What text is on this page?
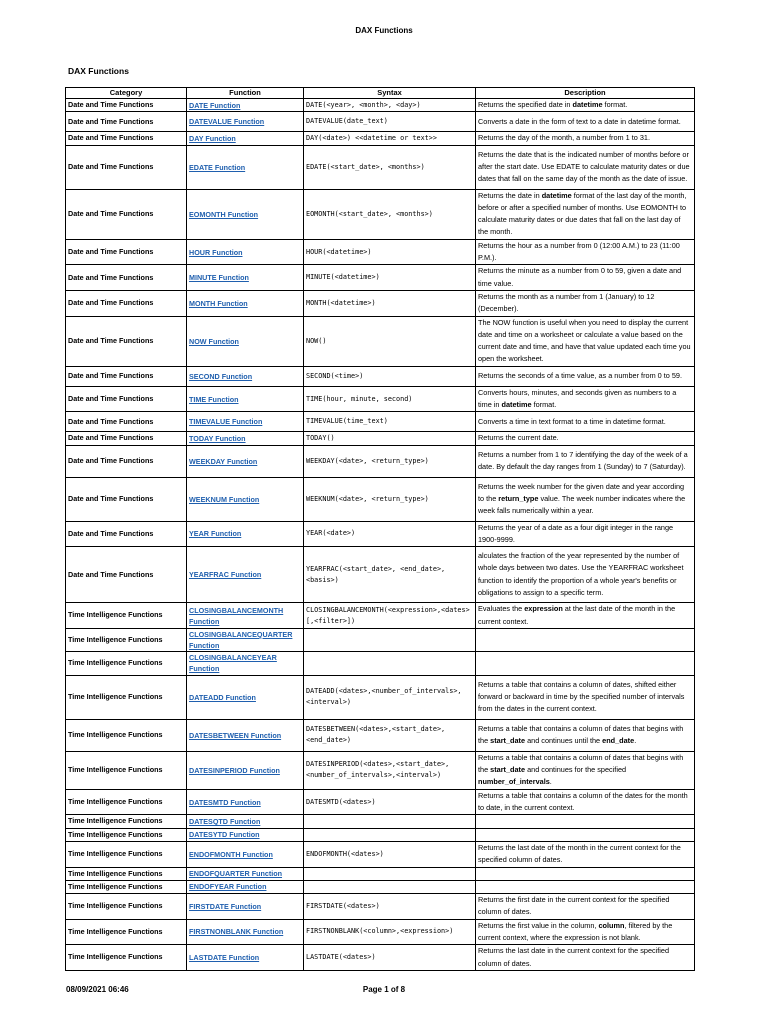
DAX Functions
DAX Functions
Category	Function	Syntax	Description
Date and Time Functions	DATE Function	DATE(<year>, <month>, <day>)	Returns the specified date in datetime format.
Date and Time Functions	DATEVALUE Function	DATEVALUE(date_text)	Converts a date in the form of text to a date in datetime format.
Date and Time Functions	DAY Function	DAY(<date>) <<datetime or text>>	Returns the day of the month, a number from 1 to 31.
Date and Time Functions	EDATE Function	EDATE(<start_date>, <months>)	Returns the date that is the indicated number of months before or after the start date. Use EDATE to calculate maturity dates or due dates that fall on the same day of the month as the date of issue.
Date and Time Functions	EOMONTH Function	EOMONTH(<start_date>, <months>)	Returns the date in datetime format of the last day of the month, before or after a specified number of months. Use EOMONTH to calculate maturity dates or due dates that fall on the last day of the month.
Date and Time Functions	HOUR Function	HOUR(<datetime>)	Returns the hour as a number from 0 (12:00 A.M.) to 23 (11:00 P.M.).
Date and Time Functions	MINUTE Function	MINUTE(<datetime>)	Returns the minute as a number from 0 to 59, given a date and time value.
Date and Time Functions	MONTH Function	MONTH(<datetime>)	Returns the month as a number from 1 (January) to 12 (December).
Date and Time Functions	NOW Function	NOW()	The NOW function is useful when you need to display the current date and time on a worksheet or calculate a value based on the current date and time, and have that value updated each time you open the worksheet.
Date and Time Functions	SECOND Function	SECOND(<time>)	Returns the seconds of a time value, as a number from 0 to 59.
Date and Time Functions	TIME Function	TIME(hour, minute, second)	Converts hours, minutes, and seconds given as numbers to a time in datetime format.
Date and Time Functions	TIMEVALUE Function	TIMEVALUE(time_text)	Converts a time in text format to a time in datetime format.
Date and Time Functions	TODAY Function	TODAY()	Returns the current date.
Date and Time Functions	WEEKDAY Function	WEEKDAY(<date>, <return_type>)	Returns a number from 1 to 7 identifying the day of the week of a date. By default the day ranges from 1 (Sunday) to 7 (Saturday).
Date and Time Functions	WEEKNUM Function	WEEKNUM(<date>, <return_type>)	Returns the week number for the given date and year according to the return_type value. The week number indicates where the week falls numerically within a year.
Date and Time Functions	YEAR Function	YEAR(<date>)	Returns the year of a date as a four digit integer in the range 1900-9999.
Date and Time Functions	YEARFRAC Function	YEARFRAC(<start_date>, <end_date>, <basis>)	alculates the fraction of the year represented by the number of whole days between two dates. Use the YEARFRAC worksheet function to identify the proportion of a whole year's benefits or obligations to assign to a specific term.
Time Intelligence Functions	CLOSINGBALANCEMONTH Function	CLOSINGBALANCEMONTH(<expression>,<dates>[,<filter>])	Evaluates the expression at the last date of the month in the current context.
Time Intelligence Functions	CLOSINGBALANCEQUARTER Function		
Time Intelligence Functions	CLOSINGBALANCEYEAR Function		
Time Intelligence Functions	DATEADD Function	DATEADD(<dates>,<number_of_intervals>,<interval>)	Returns a table that contains a column of dates, shifted either forward or backward in time by the specified number of intervals from the dates in the current context.
Time Intelligence Functions	DATESBETWEEN Function	DATESBETWEEN(<dates>,<start_date>,<end_date>)	Returns a table that contains a column of dates that begins with the start_date and continues until the end_date.
Time Intelligence Functions	DATESINPERIOD Function	DATESINPERIOD(<dates>,<start_date>,<number_of_intervals>,<interval>)	Returns a table that contains a column of dates that begins with the start_date and continues for the specified number_of_intervals.
Time Intelligence Functions	DATESMTD Function	DATESMTD(<dates>)	Returns a table that contains a column of the dates for the month to date, in the current context.
Time Intelligence Functions	DATESQTD Function		
Time Intelligence Functions	DATESYTD Function		
Time Intelligence Functions	ENDOFMONTH Function	ENDOFMONTH(<dates>)	Returns the last date of the month in the current context for the specified column of dates.
Time Intelligence Functions	ENDOFQUARTER Function		
Time Intelligence Functions	ENDOFYEAR Function		
Time Intelligence Functions	FIRSTDATE Function	FIRSTDATE(<dates>)	Returns the first date in the current context for the specified column of dates.
Time Intelligence Functions	FIRSTNONBLANK Function	FIRSTNONBLANK(<column>,<expression>)	Returns the first value in the column, column, filtered by the current context, where the expression is not blank.
Time Intelligence Functions	LASTDATE Function	LASTDATE(<dates>)	Returns the last date in the current context for the specified column of dates.
08/09/2021 06:46	Page 1 of 8
